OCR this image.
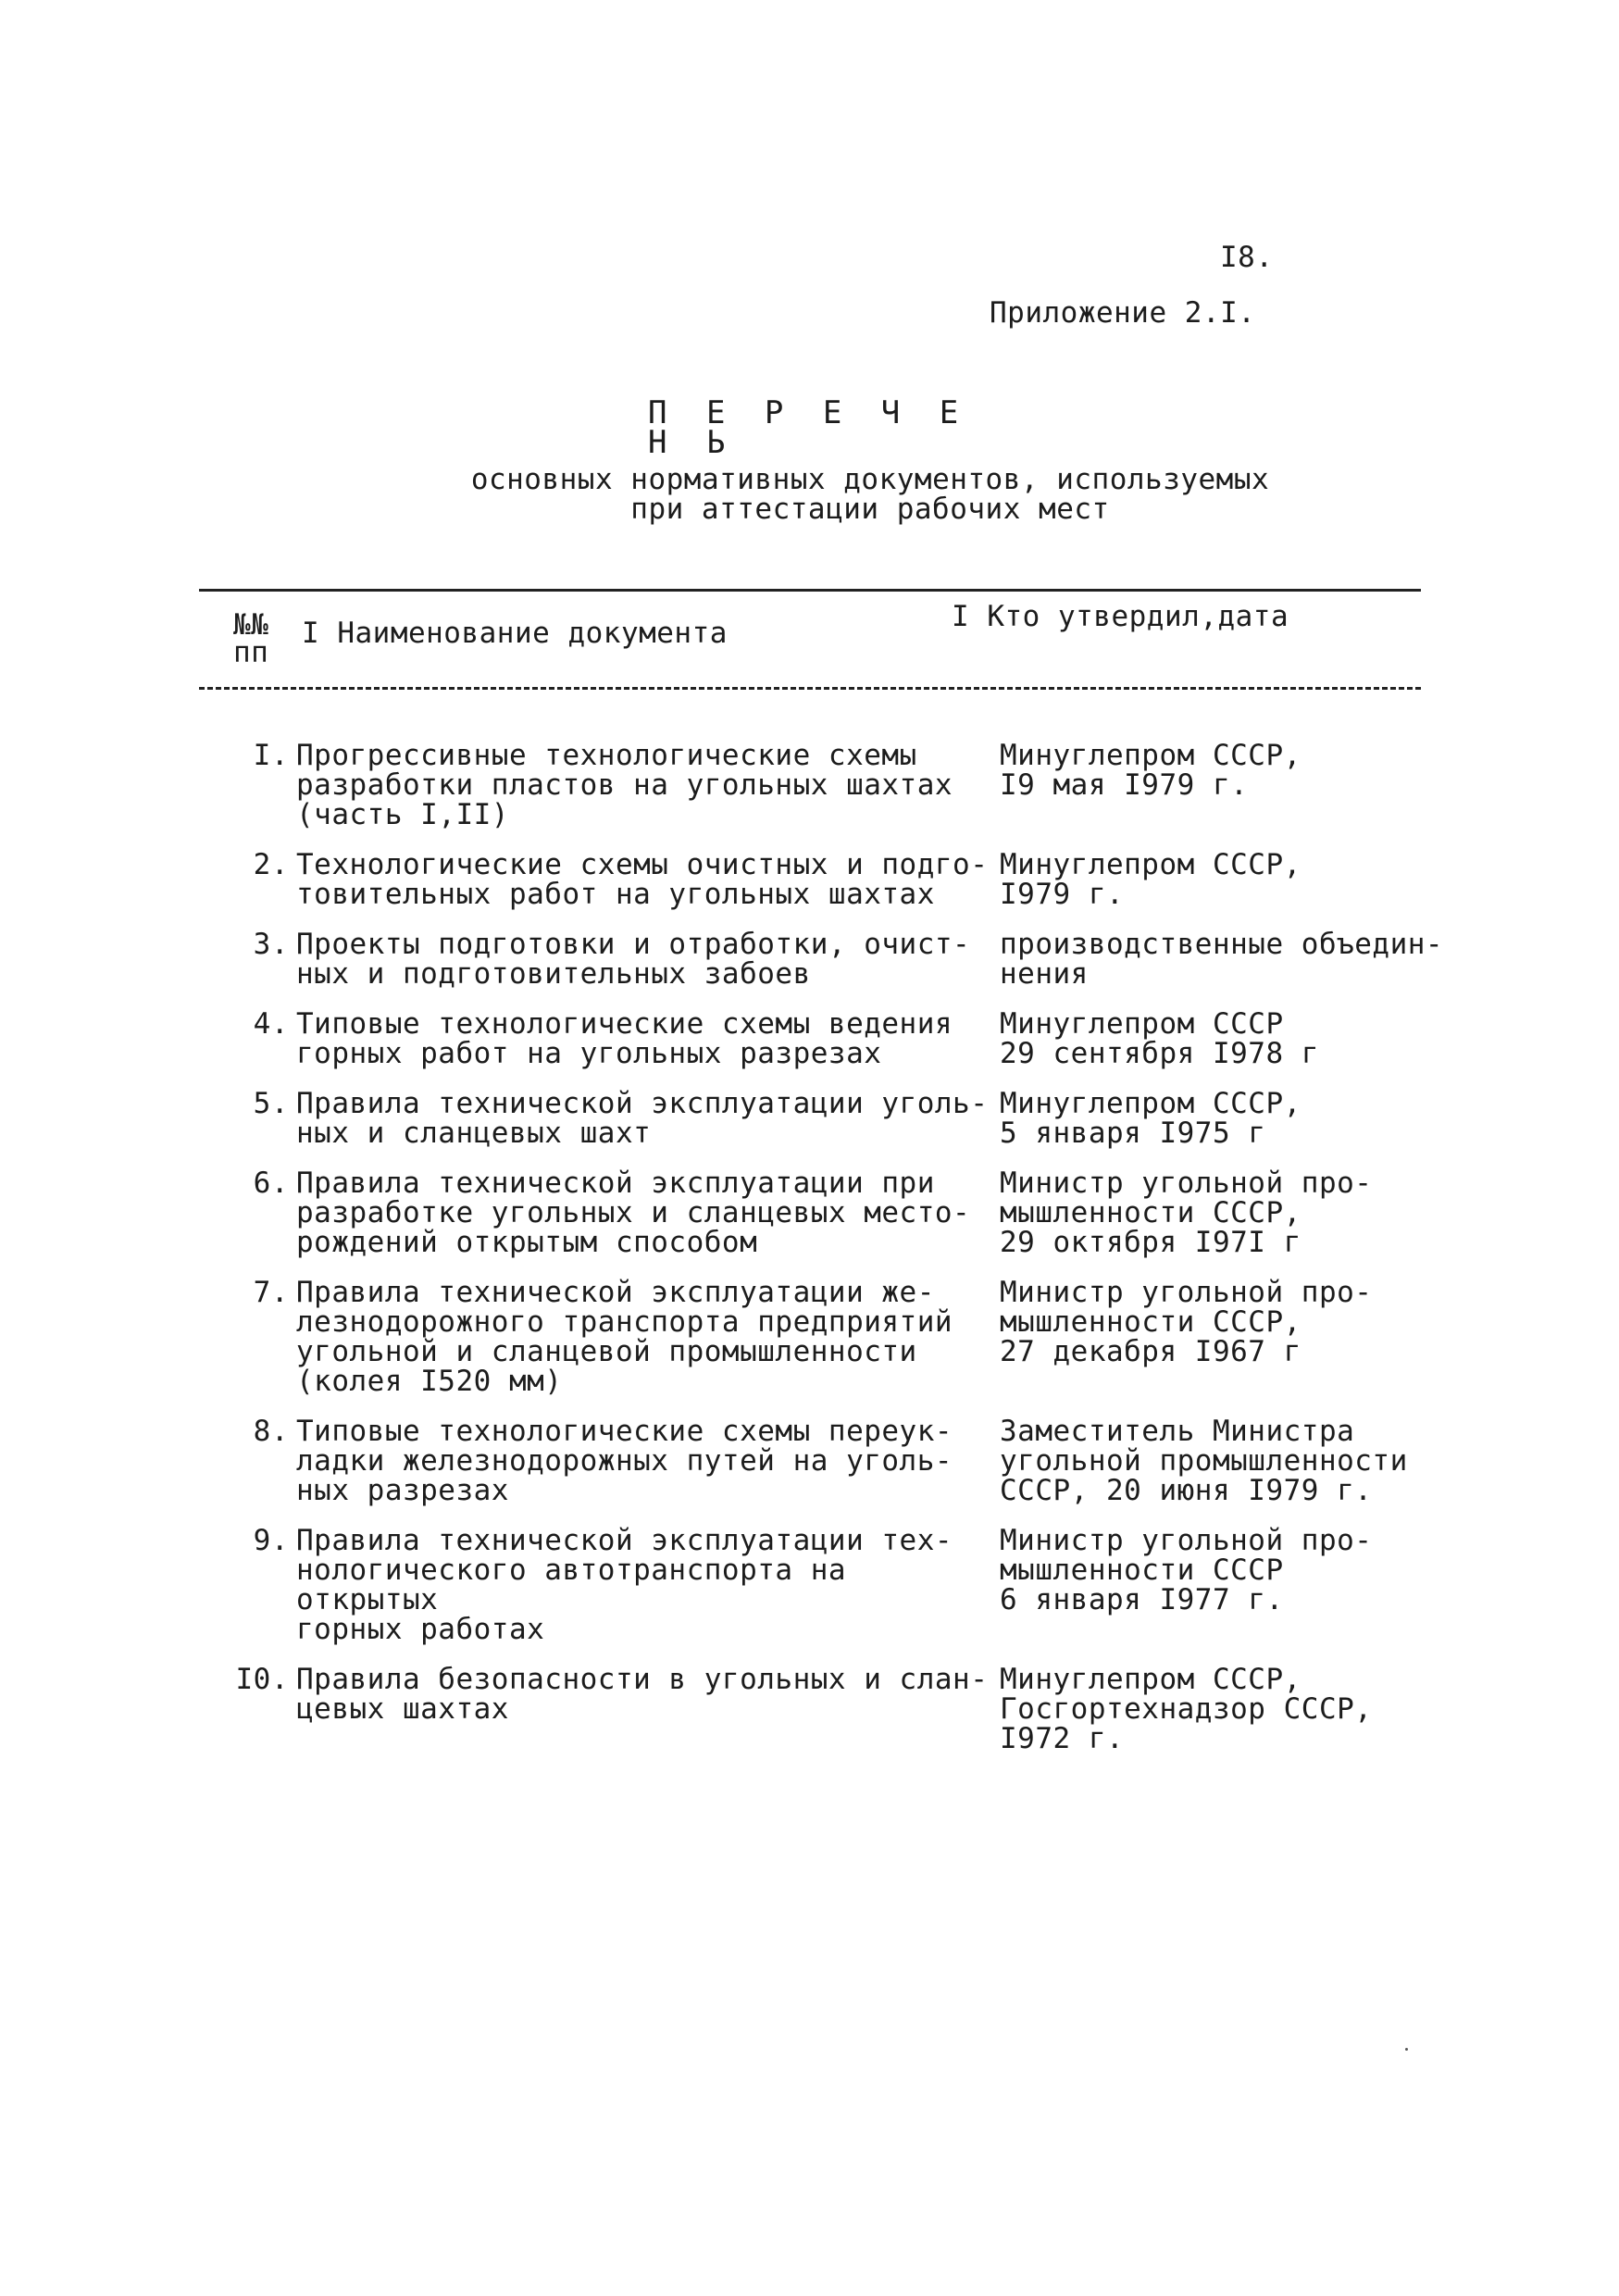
I8.
Приложение 2.I.
П Е Р Е Ч Е Н Ь
основных нормативных документов, используемых
при аттестации рабочих мест
№№
пп
I Наименование документа	I Кто утвердил,дата
I. Прогрессивные технологические схемы
разработки пластов на угольных шахтах
(часть I,II)
Минуглепром СССР,
I9 мая I979 г.
2. Технологические схемы очистных и подго-
товительных работ на угольных шахтах
Минуглепром СССР,
I979 г.
3. Проекты подготовки и отработки, очист-
ных и подготовительных забоев
производственные объедин-
нения
4. Типовые технологические схемы ведения
горных работ на угольных разрезах
Минуглепром СССР
29 сентября I978 г
5. Правила технической эксплуатации уголь-
ных и сланцевых шахт
Минуглепром СССР,
5 января I975 г
6. Правила технической эксплуатации при
разработке угольных и сланцевых место-
рождений открытым способом
Министр угольной про-
мышленности СССР,
29 октября I97I г
7. Правила технической эксплуатации же-
лезнодорожного транспорта предприятий
угольной и сланцевой промышленности
(колея I520 мм)
Министр угольной про-
мышленности СССР,
27 декабря I967 г
8. Типовые технологические схемы переук-
ладки железнодорожных путей на уголь-
ных разрезах
Заместитель Министра
угольной промышленности
СССР, 20 июня I979 г.
9. Правила технической эксплуатации тех-
нологического автотранспорта на открытых
горных работах
Министр угольной про-
мышленности СССР
6 января I977 г.
I0. Правила безопасности в угольных и слан-
цевых шахтах
Минуглепром СССР,
Госгортехнадзор СССР,
I972 г.
